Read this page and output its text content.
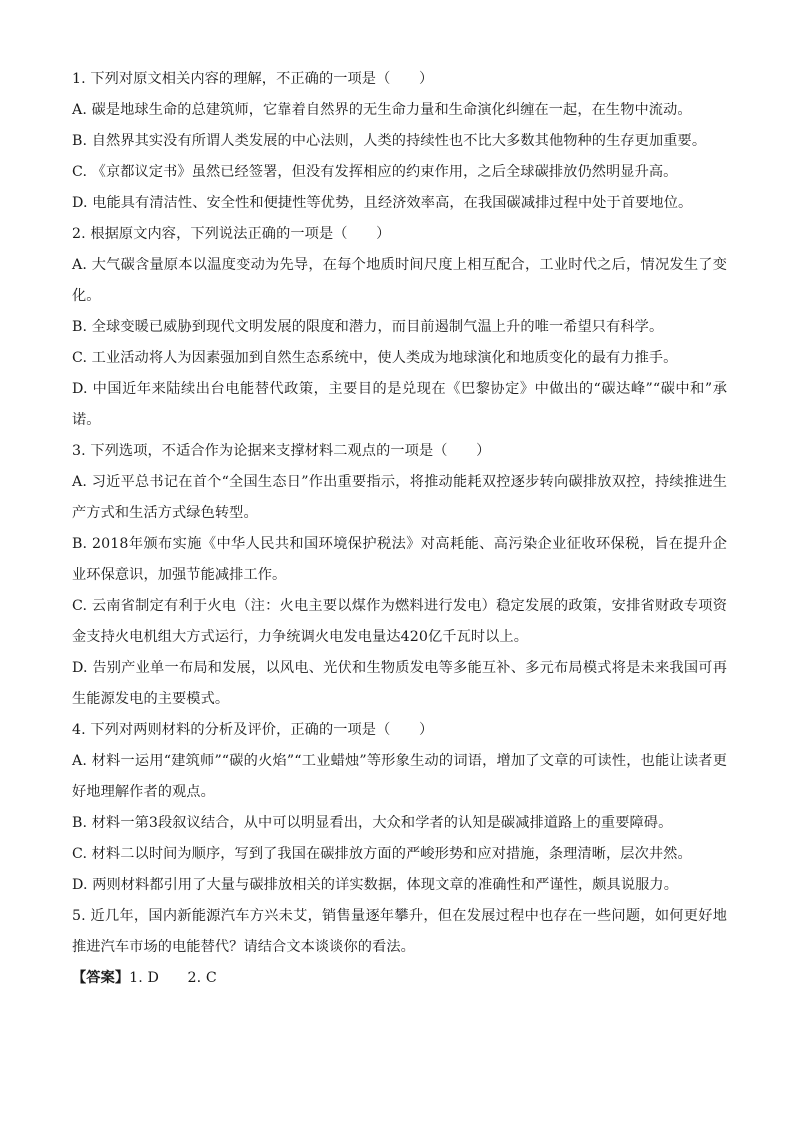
1. 下列对原文相关内容的理解，不正确的一项是（　　）
A. 碳是地球生命的总建筑师，它靠着自然界的无生命力量和生命演化纠缠在一起，在生物中流动。
B. 自然界其实没有所谓人类发展的中心法则，人类的持续性也不比大多数其他物种的生存更加重要。
C. 《京都议定书》虽然已经签署，但没有发挥相应的约束作用，之后全球碳排放仍然明显升高。
D. 电能具有清洁性、安全性和便捷性等优势，且经济效率高，在我国碳减排过程中处于首要地位。
2. 根据原文内容，下列说法正确的一项是（　　）
A. 大气碳含量原本以温度变动为先导，在每个地质时间尺度上相互配合，工业时代之后，情况发生了变化。
B. 全球变暖已威胁到现代文明发展的限度和潜力，而目前遏制气温上升的唯一希望只有科学。
C. 工业活动将人为因素强加到自然生态系统中，使人类成为地球演化和地质变化的最有力推手。
D. 中国近年来陆续出台电能替代政策，主要目的是兑现在《巴黎协定》中做出的“碳达峰”“碳中和”承诺。
3. 下列选项，不适合作为论据来支撑材料二观点的一项是（　　）
A. 习近平总书记在首个“全国生态日”作出重要指示，将推动能耗双控逐步转向碳排放双控，持续推进生产方式和生活方式绿色转型。
B. 2018年颁布实施《中华人民共和国环境保护税法》对高耗能、高污染企业征收环保税，旨在提升企业环保意识，加强节能减排工作。
C. 云南省制定有利于火电（注：火电主要以煤作为燃料进行发电）稳定发展的政策，安排省财政专项资金支持火电机组大方式运行，力争统调火电发电量达420亿千瓦时以上。
D. 告别产业单一布局和发展，以风电、光伏和生物质发电等多能互补、多元布局模式将是未来我国可再生能源发电的主要模式。
4. 下列对两则材料的分析及评价，正确的一项是（　　）
A. 材料一运用“建筑师”“碳的火焰”“工业蜡烛”等形象生动的词语，增加了文章的可读性，也能让读者更好地理解作者的观点。
B. 材料一第3段叙议结合，从中可以明显看出，大众和学者的认知是碳减排道路上的重要障碍。
C. 材料二以时间为顺序，写到了我国在碳排放方面的严峻形势和应对措施，条理清晰，层次井然。
D. 两则材料都引用了大量与碳排放相关的详实数据，体现文章的准确性和严谨性，颇具说服力。
5. 近几年，国内新能源汽车方兴未艾，销售量逐年攀升，但在发展过程中也存在一些问题，如何更好地推进汽车市场的电能替代？请结合文本谈谈你的看法。
【答案】1. D　　2. C
